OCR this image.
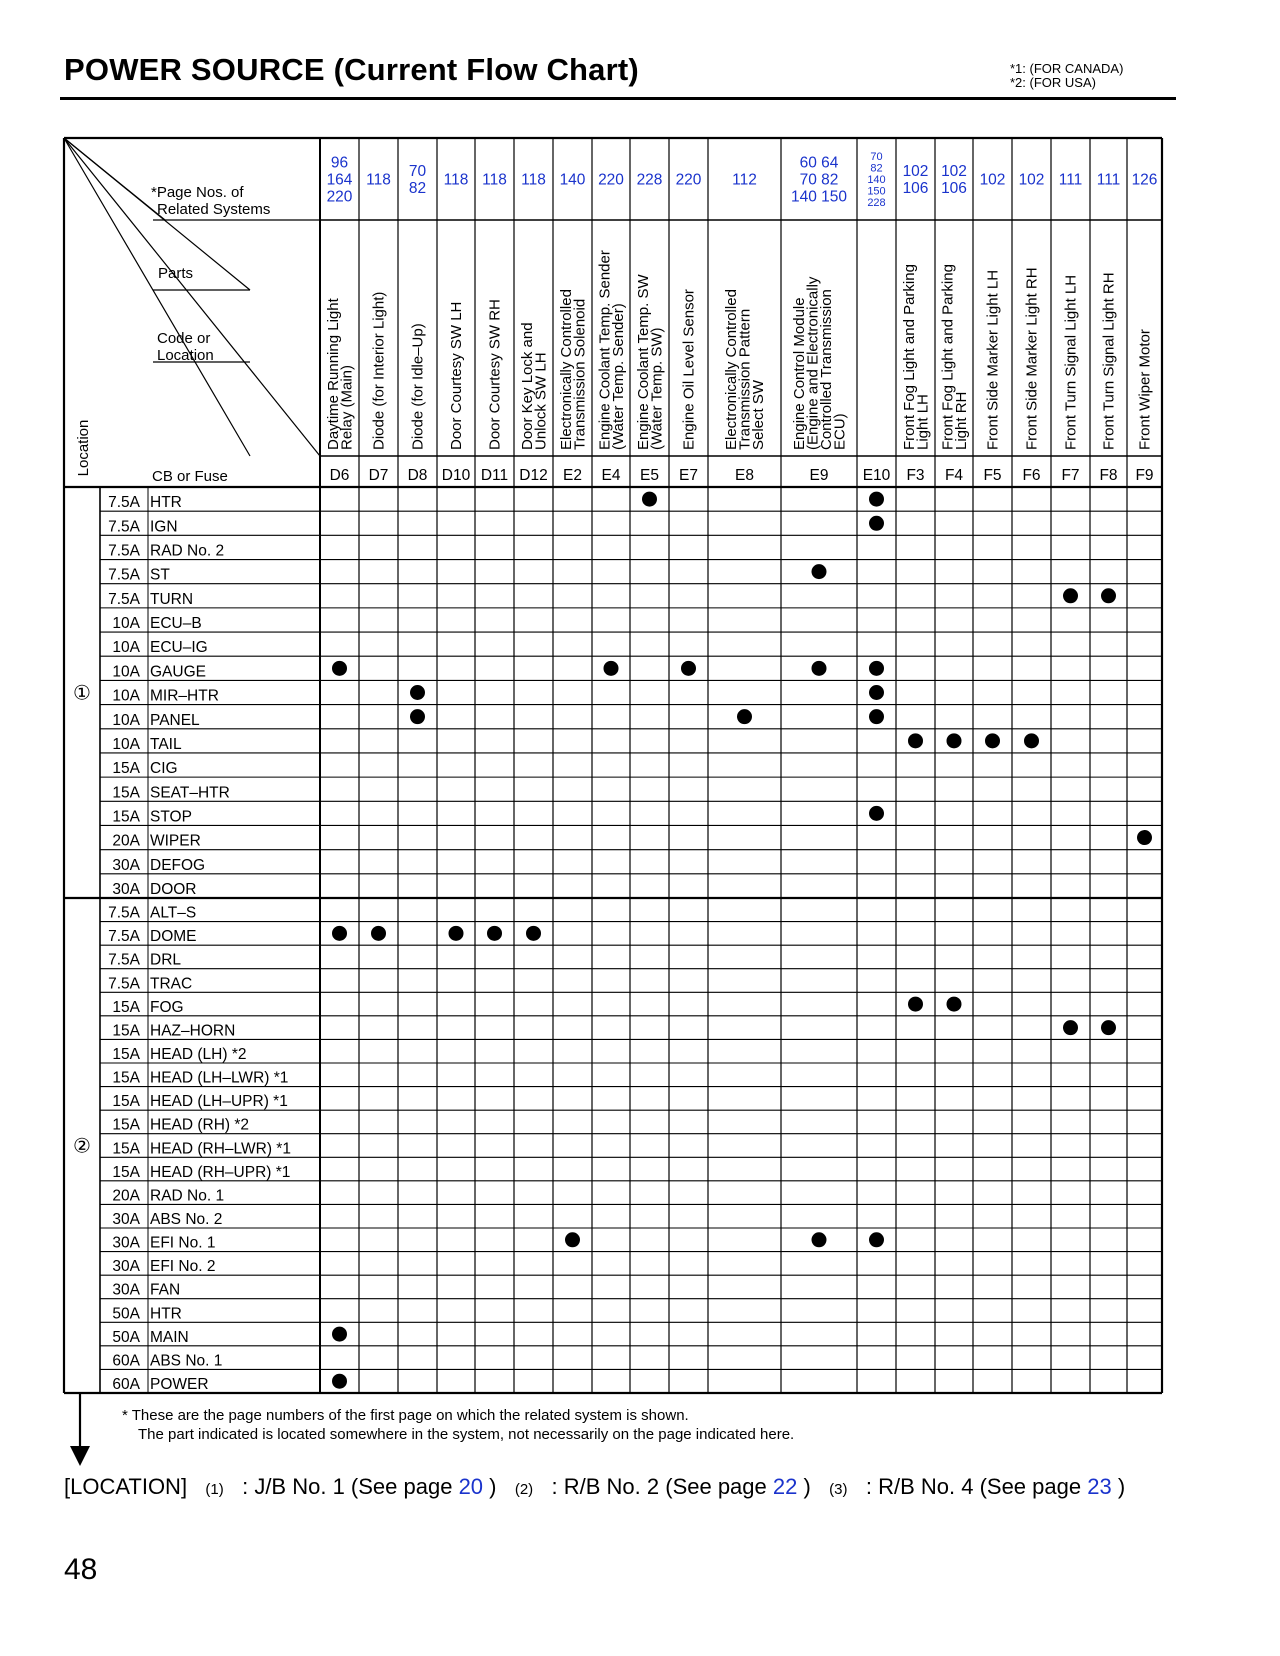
POWER SOURCE (Current Flow Chart)	*1: (FOR CANADA)
*2: (FOR USA)
*Page Nos. of
Related Systems
Parts
Code or
Location
CB or Fuse
Location
96
164
220
Daytime Running Light
Relay (Main)
D6
118
Diode (for Interior Light)
D7
70
82
Diode (for Idle–Up)
D8
118
Door Courtesy SW LH
D10
118
Door Courtesy SW RH
D11
118
Door Key Lock and
Unlock SW LH
D12
140
Electronically Controlled
Transmission Solenoid
E2
220
Engine Coolant Temp. Sender
(Water Temp. Sender)
E4
228
Engine Coolant Temp. SW
(Water Temp. SW)
E5
220
Engine Oil Level Sensor
E7
112
Electronically Controlled
Transmission Pattern
Select SW
E8
60 64
70 82
140 150
Engine Control Module
(Engine and Electronically
Controlled Transmission
ECU)
E9
70
82
140
150
228
E10
102
106
Front Fog Light and Parking
Light LH
F3
102
106
Front Fog Light and Parking
Light RH
F4
102
Front Side Marker Light LH
F5
102
Front Side Marker Light RH
F6
111
Front Turn Signal Light LH
F7
111
Front Turn Signal Light RH
F8
126
Front Wiper Motor
F9
7.5A HTR
7.5A IGN
7.5A RAD No. 2
7.5A ST
7.5A TURN
10A ECU–B
10A ECU–IG
10A GAUGE
10A MIR–HTR
10A PANEL
10A TAIL
15A CIG
15A SEAT–HTR
15A STOP
20A WIPER
30A DEFOG
30A DOOR
①
7.5A ALT–S
7.5A DOME
7.5A DRL
7.5A TRAC
15A FOG
15A HAZ–HORN
15A HEAD (LH) *2
15A HEAD (LH–LWR) *1
15A HEAD (LH–UPR) *1
15A HEAD (RH) *2
15A HEAD (RH–LWR) *1
15A HEAD (RH–UPR) *1
20A RAD No. 1
30A ABS No. 2
30A EFI No. 1
30A EFI No. 2
30A FAN
50A HTR
50A MAIN
60A ABS No. 1
60A POWER
②
* These are the page numbers of the first page on which the related system is shown.
The part indicated is located somewhere in the system, not necessarily on the page indicated here.
[LOCATION] (1) : J/B No. 1 (See page 20 ) (2) : R/B No. 2 (See page 22 ) (3) : R/B No. 4 (See page 23 )
48
